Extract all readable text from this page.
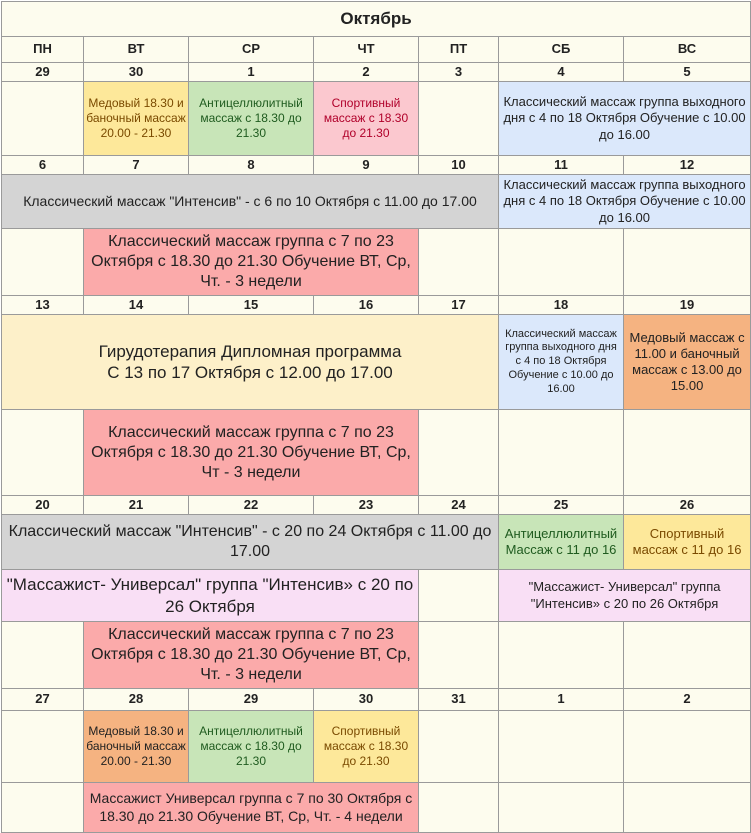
Октябрь						
ПН	ВТ	СР	ЧТ	ПТ	СБ	ВС
29	30	1	2	3	4	5
	Медовый 18.30 и баночный массаж 20.00 - 21.30	Антицеллюлитный массаж с 18.30 до 21.30	Спортивный массаж с 18.30 до 21.30		Классический массаж группа выходного дня с 4 по 18 Октября Обучение с 10.00 до 16.00	
6	7	8	9	10	11	12
Классический массаж "Интенсив" - с 6 по 10 Октября с 11.00 до 17.00					Классический массаж группа выходного дня с 4 по 18 Октября Обучение с 10.00 до 16.00	
	Классический массаж группа с 7 по 23 Октября с 18.30 до 21.30 Обучение ВТ, Ср, Чт. - 3 недели					
13	14	15	16	17	18	19

Гирудотерапия Дипломная программа
С 13 по 17 Октября с 12.00 до 17.00					Классический массаж группа выходного дня с 4 по 18 Октября Обучение с 10.00 до 16.00	Медовый массаж с 11.00 и баночный массаж с 13.00 до 15.00
	Классический массаж группа с 7 по 23 Октября с 18.30 до 21.30 Обучение ВТ, Ср, Чт - 3 недели					
20	21	22	23	24	25	26
Классический массаж "Интенсив" - с 20 по 24 Октября с 11.00 до 17.00					Антицеллюлитный Массаж с 11 до 16	Спортивный массаж с 11 до 16
"Массажист- Универсал" группа "Интенсив» с 20 по 26 Октября					"Массажист- Универсал" группа "Интенсив» с 20 по 26 Октября	
	Классический массаж группа с 7 по 23 Октября с 18.30 до 21.30 Обучение ВТ, Ср, Чт. - 3 недели					
27	28	29	30	31	1	2
	Медовый 18.30 и баночный массаж 20.00 - 21.30	Антицеллюлитный массаж с 18.30 до 21.30	Спортивный массаж с 18.30 до 21.30			
	Массажист Универсал группа с 7 по 30 Октября с 18.30 до 21.30 Обучение ВТ, Ср, Чт. - 4 недели					
